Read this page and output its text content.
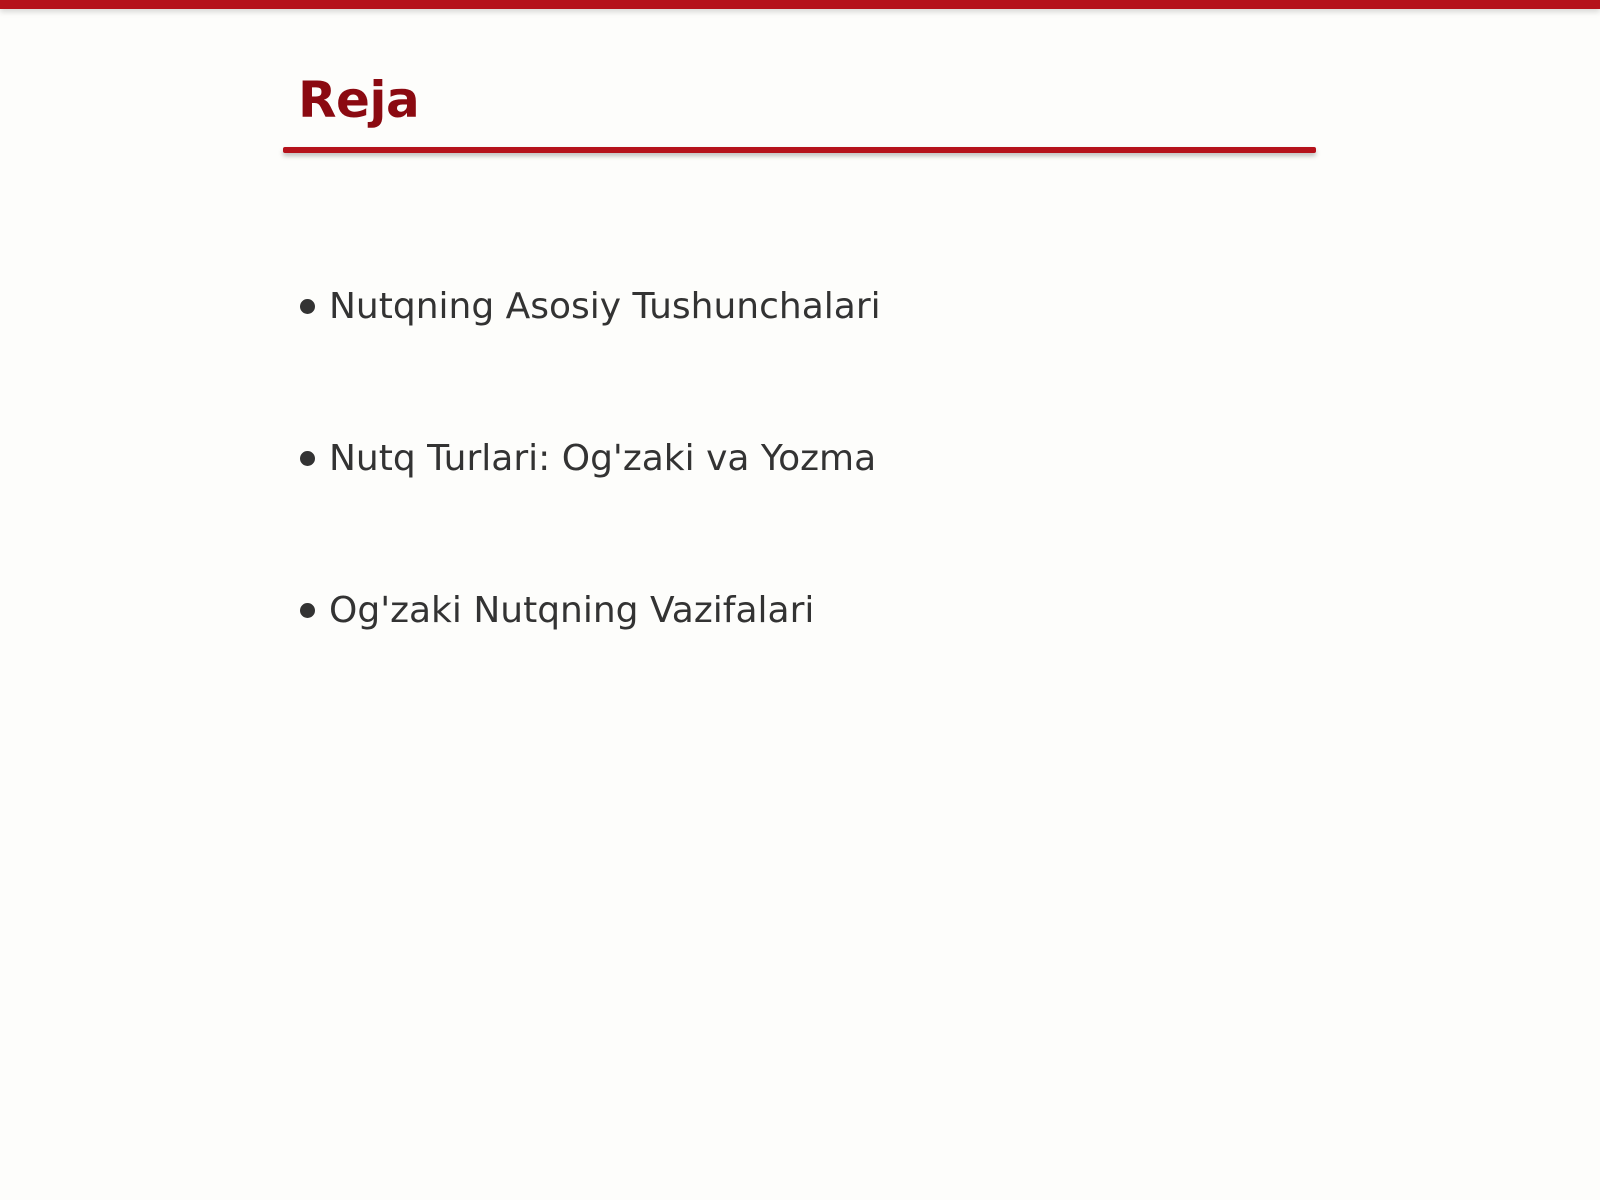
Reja
Nutqning Asosiy Tushunchalari
Nutq Turlari: Og'zaki va Yozma
Og'zaki Nutqning Vazifalari
